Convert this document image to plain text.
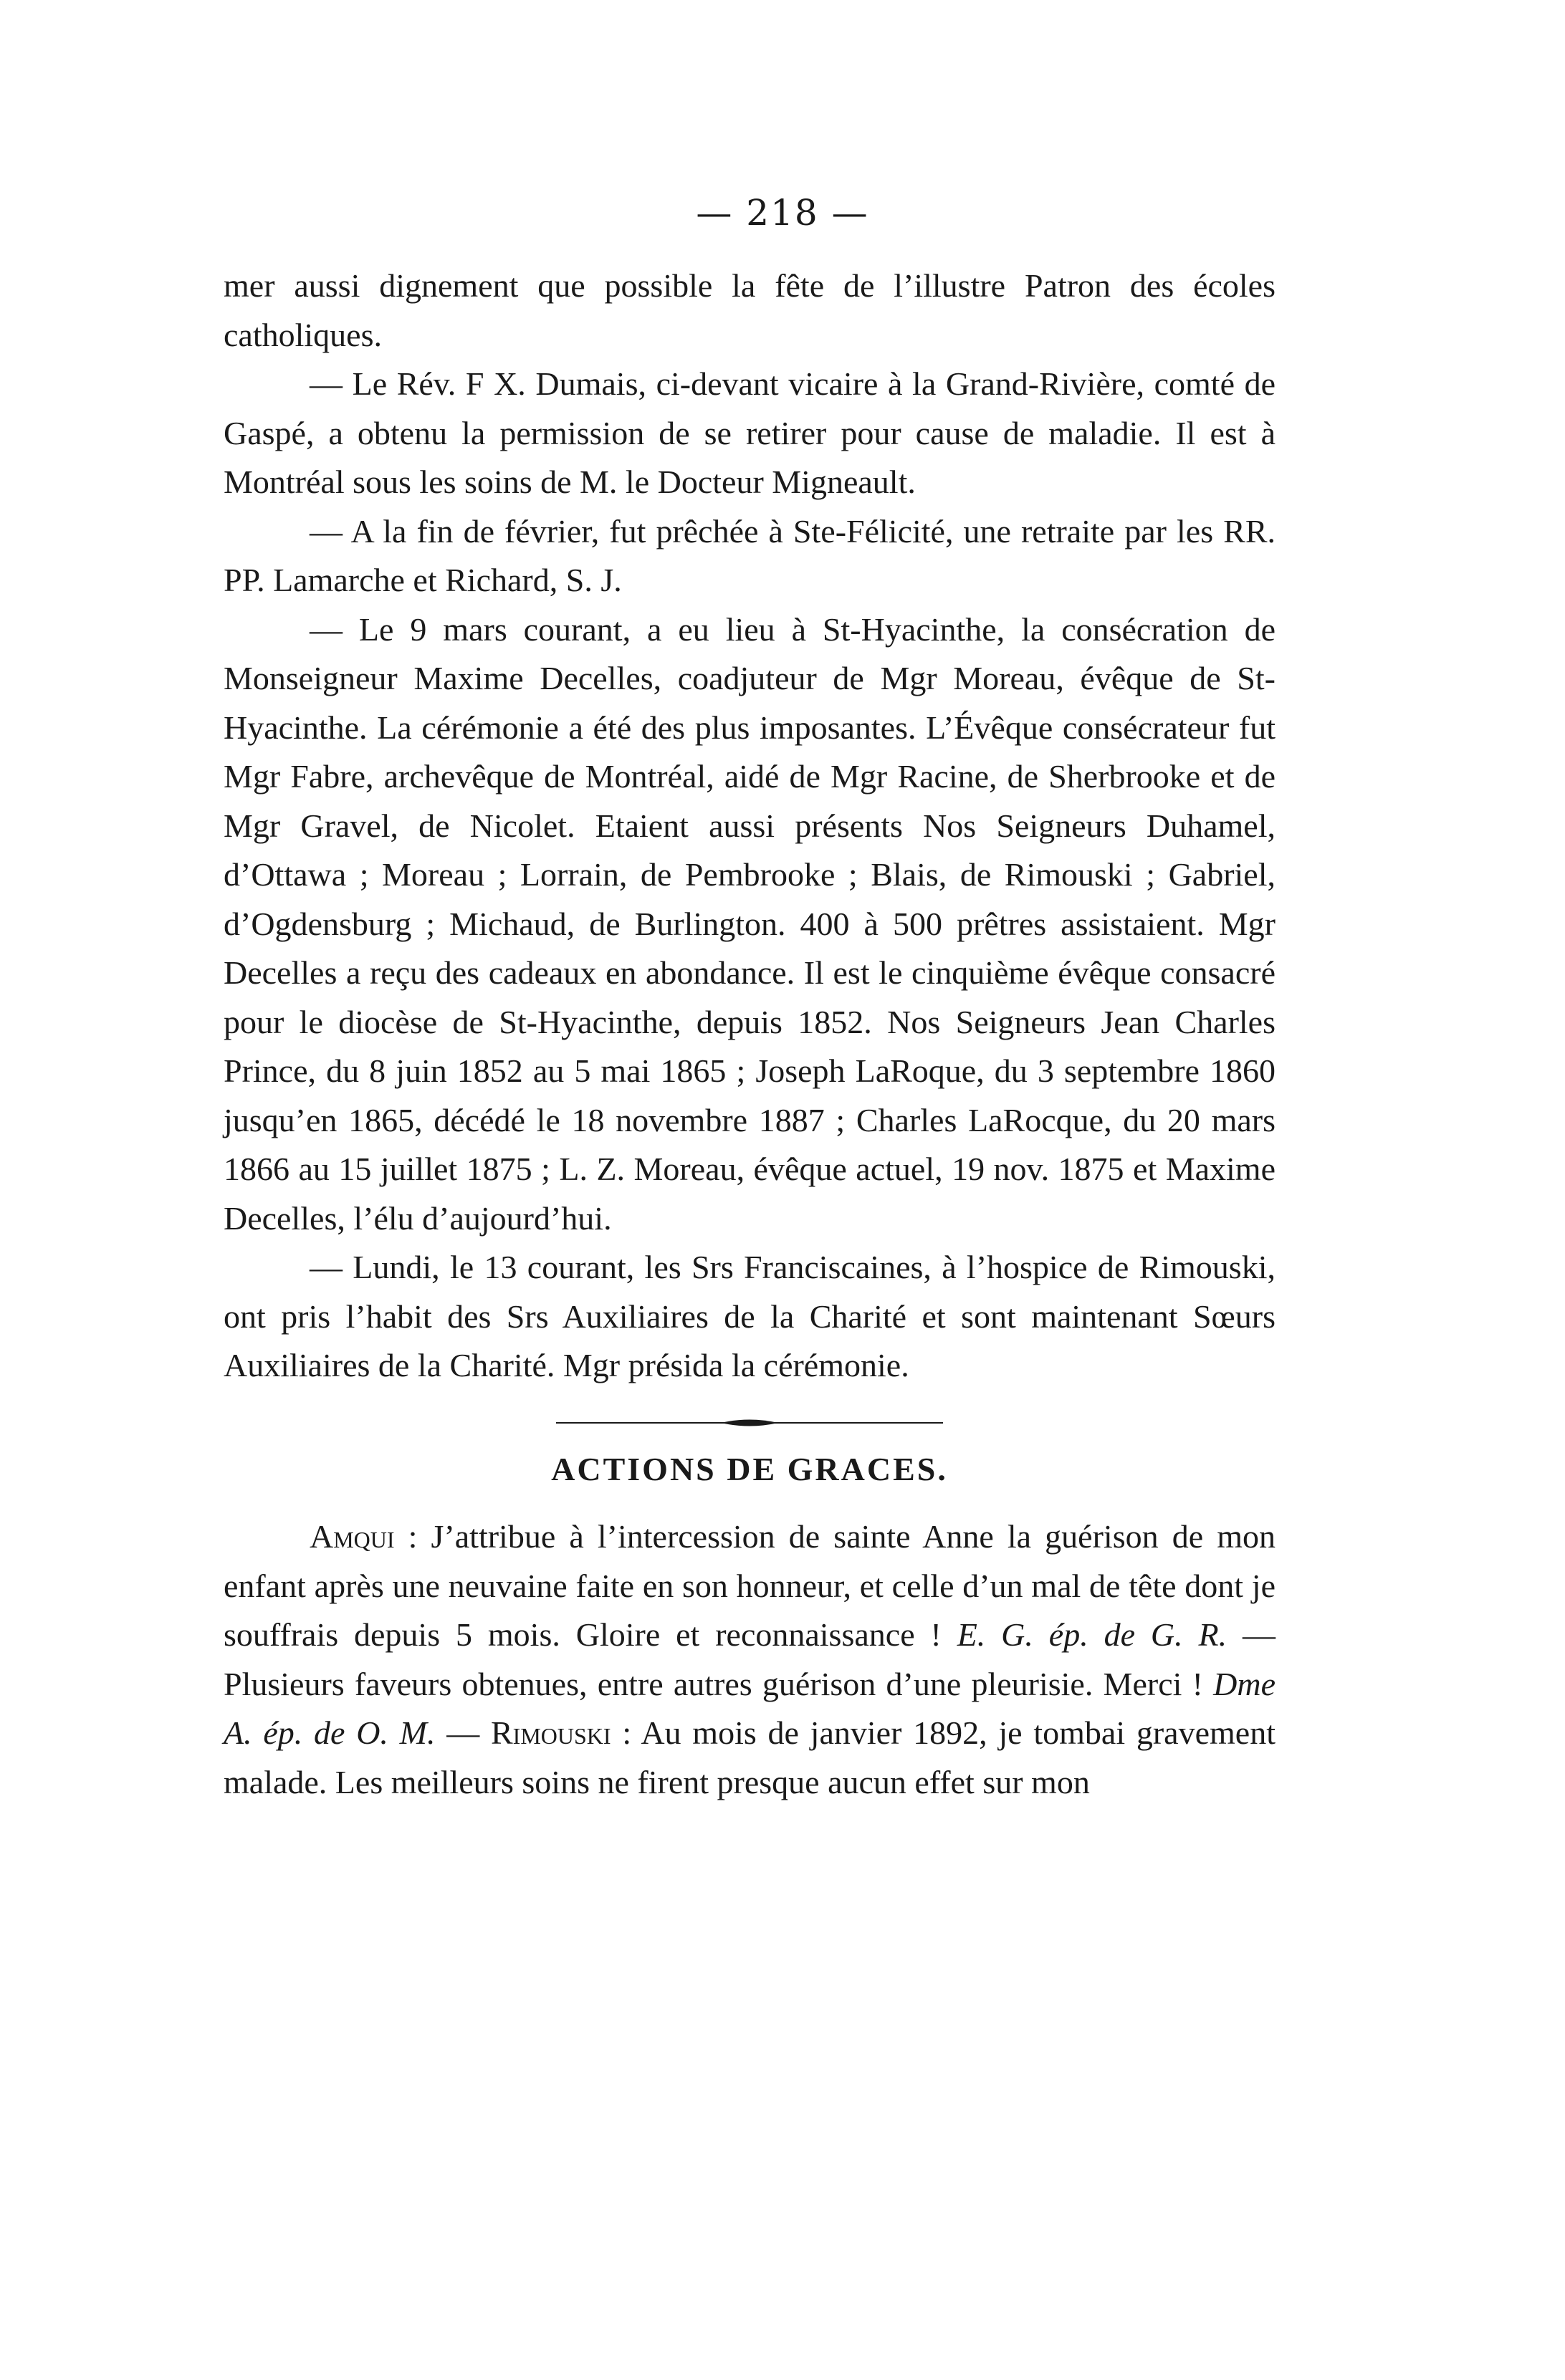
— 218 —

mer aussi dignement que possible la fête de l’illustre Patron des écoles catholiques.

— Le Rév. F X. Dumais, ci-devant vicaire à la Grand-Rivière, comté de Gaspé, a obtenu la permission de se retirer pour cause de maladie. Il est à Montréal sous les soins de M. le Docteur Migneault.

— A la fin de février, fut prêchée à Ste-Félicité, une retraite par les RR. PP. Lamarche et Richard, S. J.

— Le 9 mars courant, a eu lieu à St-Hyacinthe, la consécration de Monseigneur Maxime Decelles, coadjuteur de Mgr Moreau, évêque de St-Hyacinthe. La cérémonie a été des plus imposantes. L’Évêque consécrateur fut Mgr Fabre, archevêque de Montréal, aidé de Mgr Racine, de Sherbrooke et de Mgr Gravel, de Nicolet. Etaient aussi présents Nos Seigneurs Duhamel, d’Ottawa ; Moreau ; Lorrain, de Pembrooke ; Blais, de Rimouski ; Gabriel, d’Ogdensburg ; Michaud, de Burlington. 400 à 500 prêtres assistaient. Mgr Decelles a reçu des cadeaux en abondance. Il est le cinquième évêque consacré pour le diocèse de St-Hyacinthe, depuis 1852. Nos Seigneurs Jean Charles Prince, du 8 juin 1852 au 5 mai 1865 ; Joseph LaRoque, du 3 septembre 1860 jusqu’en 1865, décédé le 18 novembre 1887 ; Charles LaRocque, du 20 mars 1866 au 15 juillet 1875 ; L. Z. Moreau, évêque actuel, 19 nov. 1875 et Maxime Decelles, l’élu d’aujourd’hui.

— Lundi, le 13 courant, les Srs Franciscaines, à l’hospice de Rimouski, ont pris l’habit des Srs Auxiliaires de la Charité et sont maintenant Sœurs Auxiliaires de la Charité. Mgr présida la cérémonie.

ACTIONS DE GRACES.

Amqui : J’attribue à l’intercession de sainte Anne la guérison de mon enfant après une neuvaine faite en son honneur, et celle d’un mal de tête dont je souffrais depuis 5 mois. Gloire et reconnaissance ! E. G. ép. de G. R. — Plusieurs faveurs obtenues, entre autres guérison d’une pleurisie. Merci ! Dme A. ép. de O. M. — Rimouski : Au mois de janvier 1892, je tombai gravement malade. Les meilleurs soins ne firent presque aucun effet sur mon
